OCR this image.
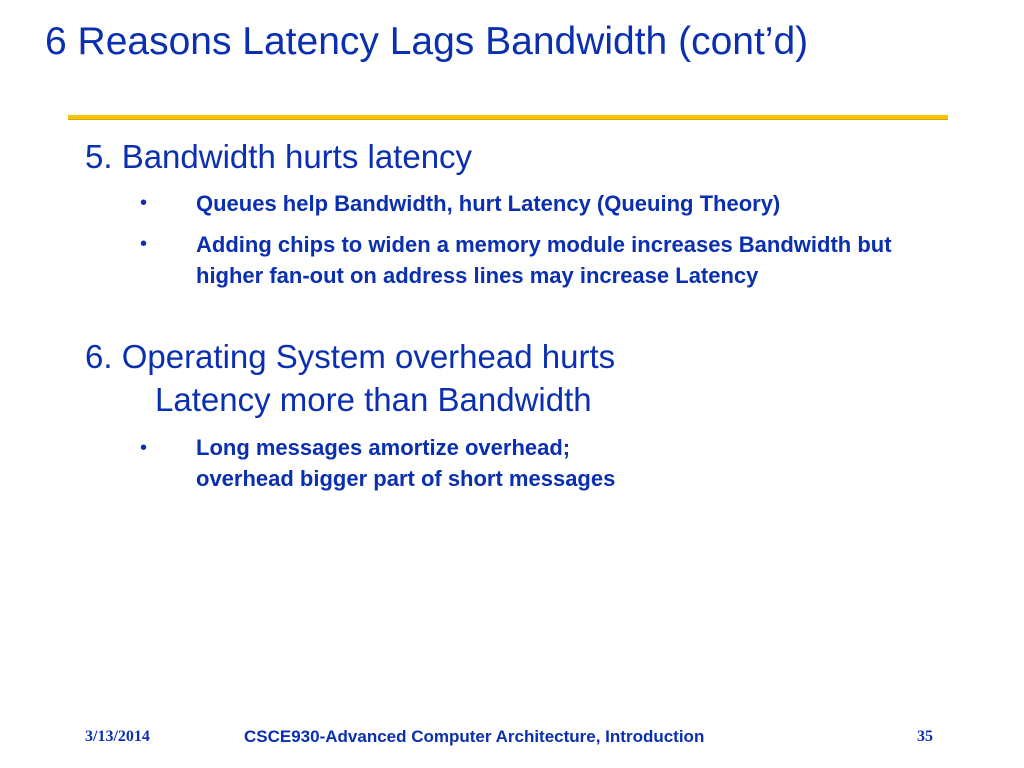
6 Reasons Latency Lags Bandwidth (cont’d)
5. Bandwidth hurts latency
• Queues help Bandwidth, hurt Latency (Queuing Theory)
• Adding chips to widen a memory module increases Bandwidth but higher fan-out on address lines may increase Latency
6. Operating System overhead hurts
Latency more than Bandwidth
• Long messages amortize overhead;
overhead bigger part of short messages
3/13/2014	CSCE930-Advanced Computer Architecture, Introduction	35
